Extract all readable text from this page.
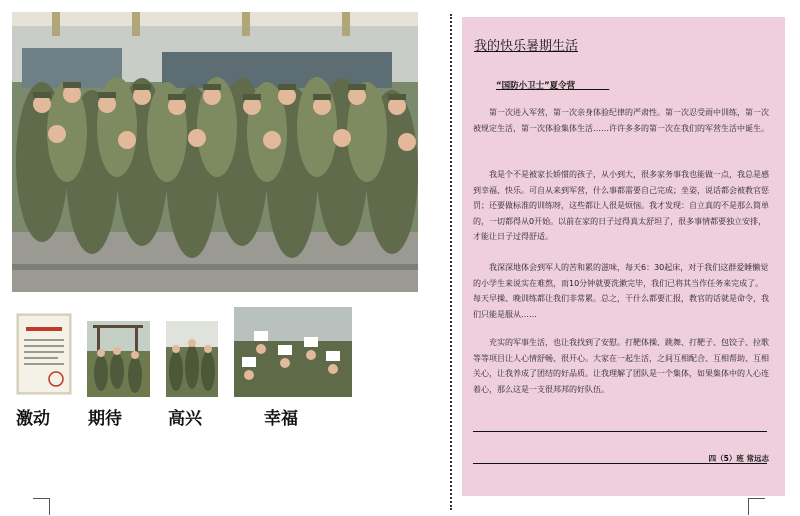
激动 期待	高兴	幸福
我的快乐暑期生活
“国防小卫士”夏令营________

第一次进入军营，第一次亲身体验纪律的严肃性。第一次忍受雨中训练，第一次被规定生活，第一次体验集体生活……许许多多的第一次在我们的军营生活中诞生。

我是个不是被家长娇惯的孩子，从小到大，很多家务事我也能做一点，我总是感到幸福、快乐。可自从来到军营，什么事都需要自己完成；坐姿，说话都会被教官惩罚；还要做标准的训练呀，这些都让人很是烦恼。我才发现：自立真的不是那么简单的，一切都得从0开始。以前在家的日子过得真太舒坦了，很多事情都要独立安排，才能让日子过得舒适。

我深深地体会到军人的苦和累的滋味，每天6：30起床，对于我们这群爱睡懒觉的小学生来说实在难熬，而10分钟就要洗漱完毕，我们已将其当作任务来完成了。每天早操、晚训练都让我们非常累。总之，干什么都要汇报，教官的话就是命令，我们只能是服从……

充实的军事生活，也让我找到了安慰。打靶体操、跳舞、打靶子、包饺子、拉歌等等项目让人心情舒畅、很开心。大家在一起生活，之间互相配合、互相帮助、互相关心，让我养成了团结的好品质。让我理解了团队是一个集体，如果集体中的人心连着心，那么这是一支很邦邦的好队伍。

四（5）班 常远志
